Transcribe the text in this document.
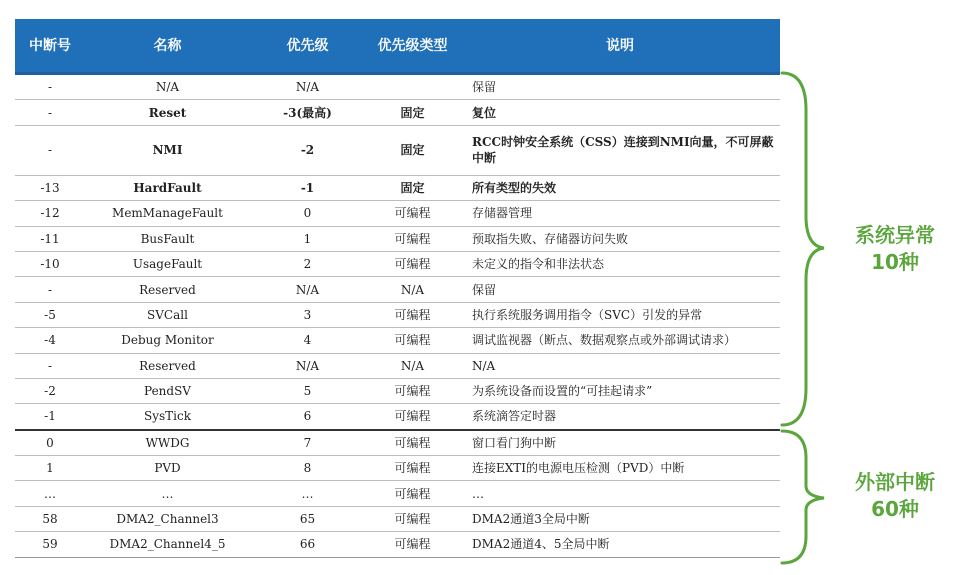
中断号	名称	优先级	优先级类型	说明
-	N/A	N/A		保留
-	Reset	-3(最高)	固定	复位
-	NMI	-2	固定	RCC时钟安全系统（CSS）连接到NMI向量，不可屏蔽中断
-13	HardFault	-1	固定	所有类型的失效
-12	MemManageFault	0	可编程	存储器管理
-11	BusFault	1	可编程	预取指失败、存储器访问失败
-10	UsageFault	2	可编程	未定义的指令和非法状态
-	Reserved	N/A	N/A	保留
-5	SVCall	3	可编程	执行系统服务调用指令（SVC）引发的异常
-4	Debug Monitor	4	可编程	调试监视器（断点、数据观察点或外部调试请求）
-	Reserved	N/A	N/A	N/A
-2	PendSV	5	可编程	为系统设备而设置的“可挂起请求”
-1	SysTick	6	可编程	系统滴答定时器
0	WWDG	7	可编程	窗口看门狗中断
1	PVD	8	可编程	连接EXTI的电源电压检测（PVD）中断
…	…	…	可编程	…
58	DMA2_Channel3	65	可编程	DMA2通道3全局中断
59	DMA2_Channel4_5	66	可编程	DMA2通道4、5全局中断
系统异常
10种
外部中断
60种
